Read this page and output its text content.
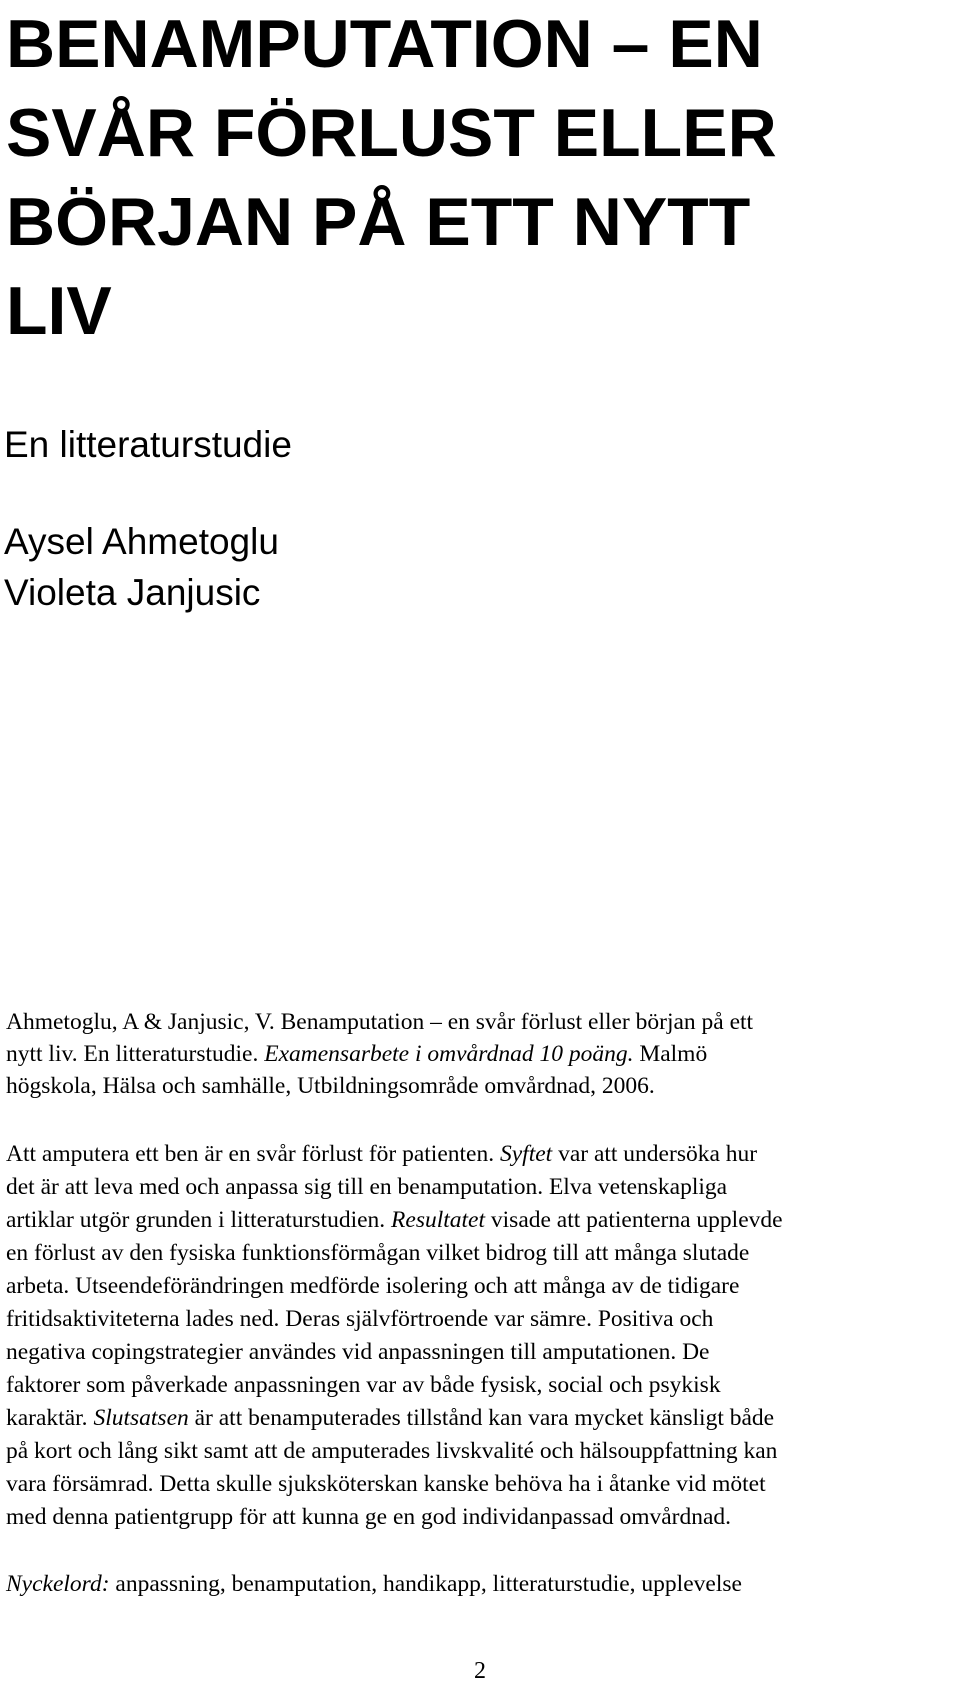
BENAMPUTATION – EN
SVÅR FÖRLUST ELLER
BÖRJAN PÅ ETT NYTT
LIV

En litteraturstudie

Aysel Ahmetoglu
Violeta Janjusic
Ahmetoglu, A & Janjusic, V. Benamputation – en svår förlust eller början på ett
nytt liv. En litteraturstudie. Examensarbete i omvårdnad 10 poäng. Malmö
högskola, Hälsa och samhälle, Utbildningsområde omvårdnad, 2006.
Att amputera ett ben är en svår förlust för patienten. Syftet var att undersöka hur
det är att leva med och anpassa sig till en benamputation. Elva vetenskapliga
artiklar utgör grunden i litteraturstudien. Resultatet visade att patienterna upplevde
en förlust av den fysiska funktionsförmågan vilket bidrog till att många slutade
arbeta. Utseendeförändringen medförde isolering och att många av de tidigare
fritidsaktiviteterna lades ned. Deras självförtroende var sämre. Positiva och
negativa copingstrategier användes vid anpassningen till amputationen. De
faktorer som påverkade anpassningen var av både fysisk, social och psykisk
karaktär. Slutsatsen är att benamputerades tillstånd kan vara mycket känsligt både
på kort och lång sikt samt att de amputerades livskvalité och hälsouppfattning kan
vara försämrad. Detta skulle sjuksköterskan kanske behöva ha i åtanke vid mötet
med denna patientgrupp för att kunna ge en god individanpassad omvårdnad.

Nyckelord: anpassning, benamputation, handikapp, litteraturstudie, upplevelse

2
